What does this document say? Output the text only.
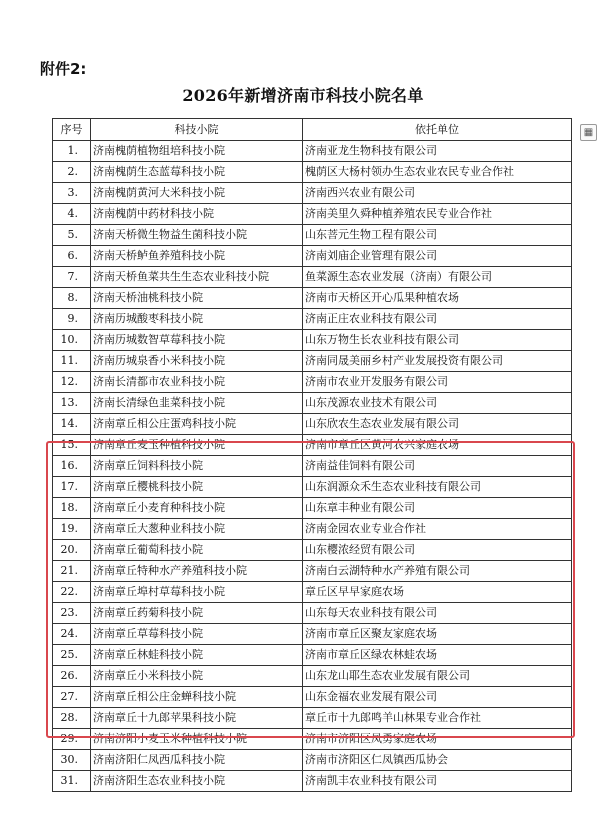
附件2:
2026年新增济南市科技小院名单
▦
序号	科技小院	依托单位
1.	济南槐荫植物组培科技小院	济南亚龙生物科技有限公司
2.	济南槐荫生态蓝莓科技小院	槐荫区大杨村领办生态农业农民专业合作社
3.	济南槐荫黄河大米科技小院	济南西兴农业有限公司
4.	济南槐荫中药材科技小院	济南美里久舜种植养殖农民专业合作社
5.	济南天桥微生物益生菌科技小院	山东菩元生物工程有限公司
6.	济南天桥鲈鱼养殖科技小院	济南刘庙企业管理有限公司
7.	济南天桥鱼菜共生生态农业科技小院	鱼菜源生态农业发展（济南）有限公司
8.	济南天桥油桃科技小院	济南市天桥区开心瓜果种植农场
9.	济南历城酸枣科技小院	济南正庄农业科技有限公司
10.	济南历城数智草莓科技小院	山东万物生长农业科技有限公司
11.	济南历城泉香小米科技小院	济南同晟美丽乡村产业发展投资有限公司
12.	济南长清都市农业科技小院	济南市农业开发服务有限公司
13.	济南长清绿色韭菜科技小院	山东茂源农业技术有限公司
14.	济南章丘相公庄蛋鸡科技小院	山东欣农生态农业发展有限公司
15.	济南章丘麦玉种植科技小院	济南市章丘区黄河农兴家庭农场
16.	济南章丘饲料科技小院	济南益佳饲料有限公司
17.	济南章丘樱桃科技小院	山东润源众禾生态农业科技有限公司
18.	济南章丘小麦育种科技小院	山东章丰种业有限公司
19.	济南章丘大葱种业科技小院	济南金园农业专业合作社
20.	济南章丘葡萄科技小院	山东樱浓经贸有限公司
21.	济南章丘特种水产养殖科技小院	济南白云湖特种水产养殖有限公司
22.	济南章丘埠村草莓科技小院	章丘区早早家庭农场
23.	济南章丘药菊科技小院	山东每天农业科技有限公司
24.	济南章丘草莓科技小院	济南市章丘区聚友家庭农场
25.	济南章丘林蛙科技小院	济南市章丘区绿农林蛙农场
26.	济南章丘小米科技小院	山东龙山耶生态农业发展有限公司
27.	济南章丘相公庄金蝉科技小院	山东金福农业发展有限公司
28.	济南章丘十九郎苹果科技小院	章丘市十九郎鸣羊山林果专业合作社
29.	济南济阳小麦玉米种植科技小院	济南市济阳区凤勇家庭农场
30.	济南济阳仁凤西瓜科技小院	济南市济阳区仁凤镇西瓜协会
31.	济南济阳生态农业科技小院	济南凯丰农业科技有限公司
